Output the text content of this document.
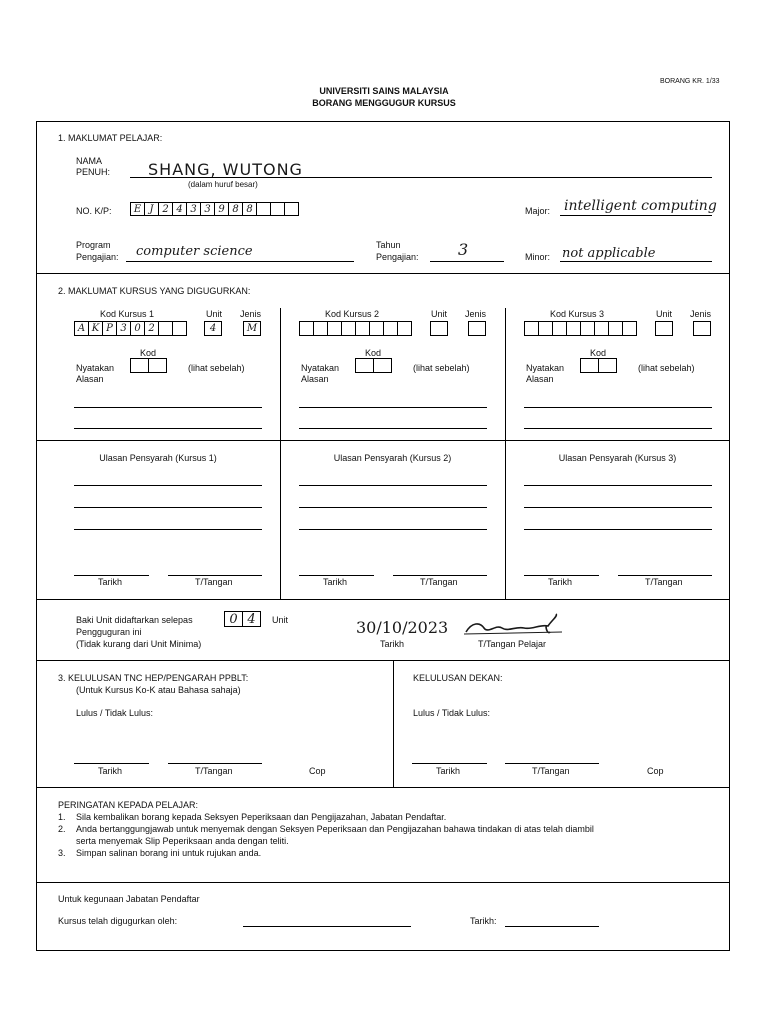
BORANG KR. 1/33
UNIVERSITI SAINS MALAYSIA
BORANG MENGGUGUR KURSUS
1. MAKLUMAT PELAJAR:
NAMA
PENUH: SHANG, WUTONG
(dalam huruf besar)
NO. K/P:	E J 2 4 3 3 9 8 8	Major: intelligent computing
Program
Pengajian: computer science	Tahun
Pengajian: 3	Minor: not applicable
2. MAKLUMAT KURSUS YANG DIGUGURKAN:
Kod Kursus 1	Unit Jenis
A K P 3 0 2	4	M
Kod
Nyatakan
Alasan
(lihat sebelah)
Kod Kursus 2	Unit Jenis
Kod
Nyatakan
Alasan
(lihat sebelah)
Kod Kursus 3	Unit Jenis
Kod
Nyatakan
Alasan
(lihat sebelah)
Ulasan Pensyarah (Kursus 1)	Ulasan Pensyarah (Kursus 2)	Ulasan Pensyarah (Kursus 3)
Tarikh	T/Tangan	Tarikh	T/Tangan	Tarikh	T/Tangan
Baki Unit didaftarkan selepas
Pengguguran ini
(Tidak kurang dari Unit Minima)
0 4	Unit	30/10/2023
Tarikh	T/Tangan Pelajar
3. KELULUSAN TNC HEP/PENGARAH PPBLT:
(Untuk Kursus Ko-K atau Bahasa sahaja)
Lulus / Tidak Lulus:
KELULUSAN DEKAN:
Lulus / Tidak Lulus:
Tarikh	T/Tangan	Cop	Tarikh	T/Tangan	Cop
PERINGATAN KEPADA PELAJAR:
1. Sila kembalikan borang kepada Seksyen Peperiksaan dan Pengijazahan, Jabatan Pendaftar.
2. Anda bertanggungjawab untuk menyemak dengan Seksyen Peperiksaan dan Pengijazahan bahawa tindakan di atas telah diambil
serta menyemak Slip Peperiksaan anda dengan teliti.
3. Simpan salinan borang ini untuk rujukan anda.
Untuk kegunaan Jabatan Pendaftar
Kursus telah digugurkan oleh:	Tarikh:
